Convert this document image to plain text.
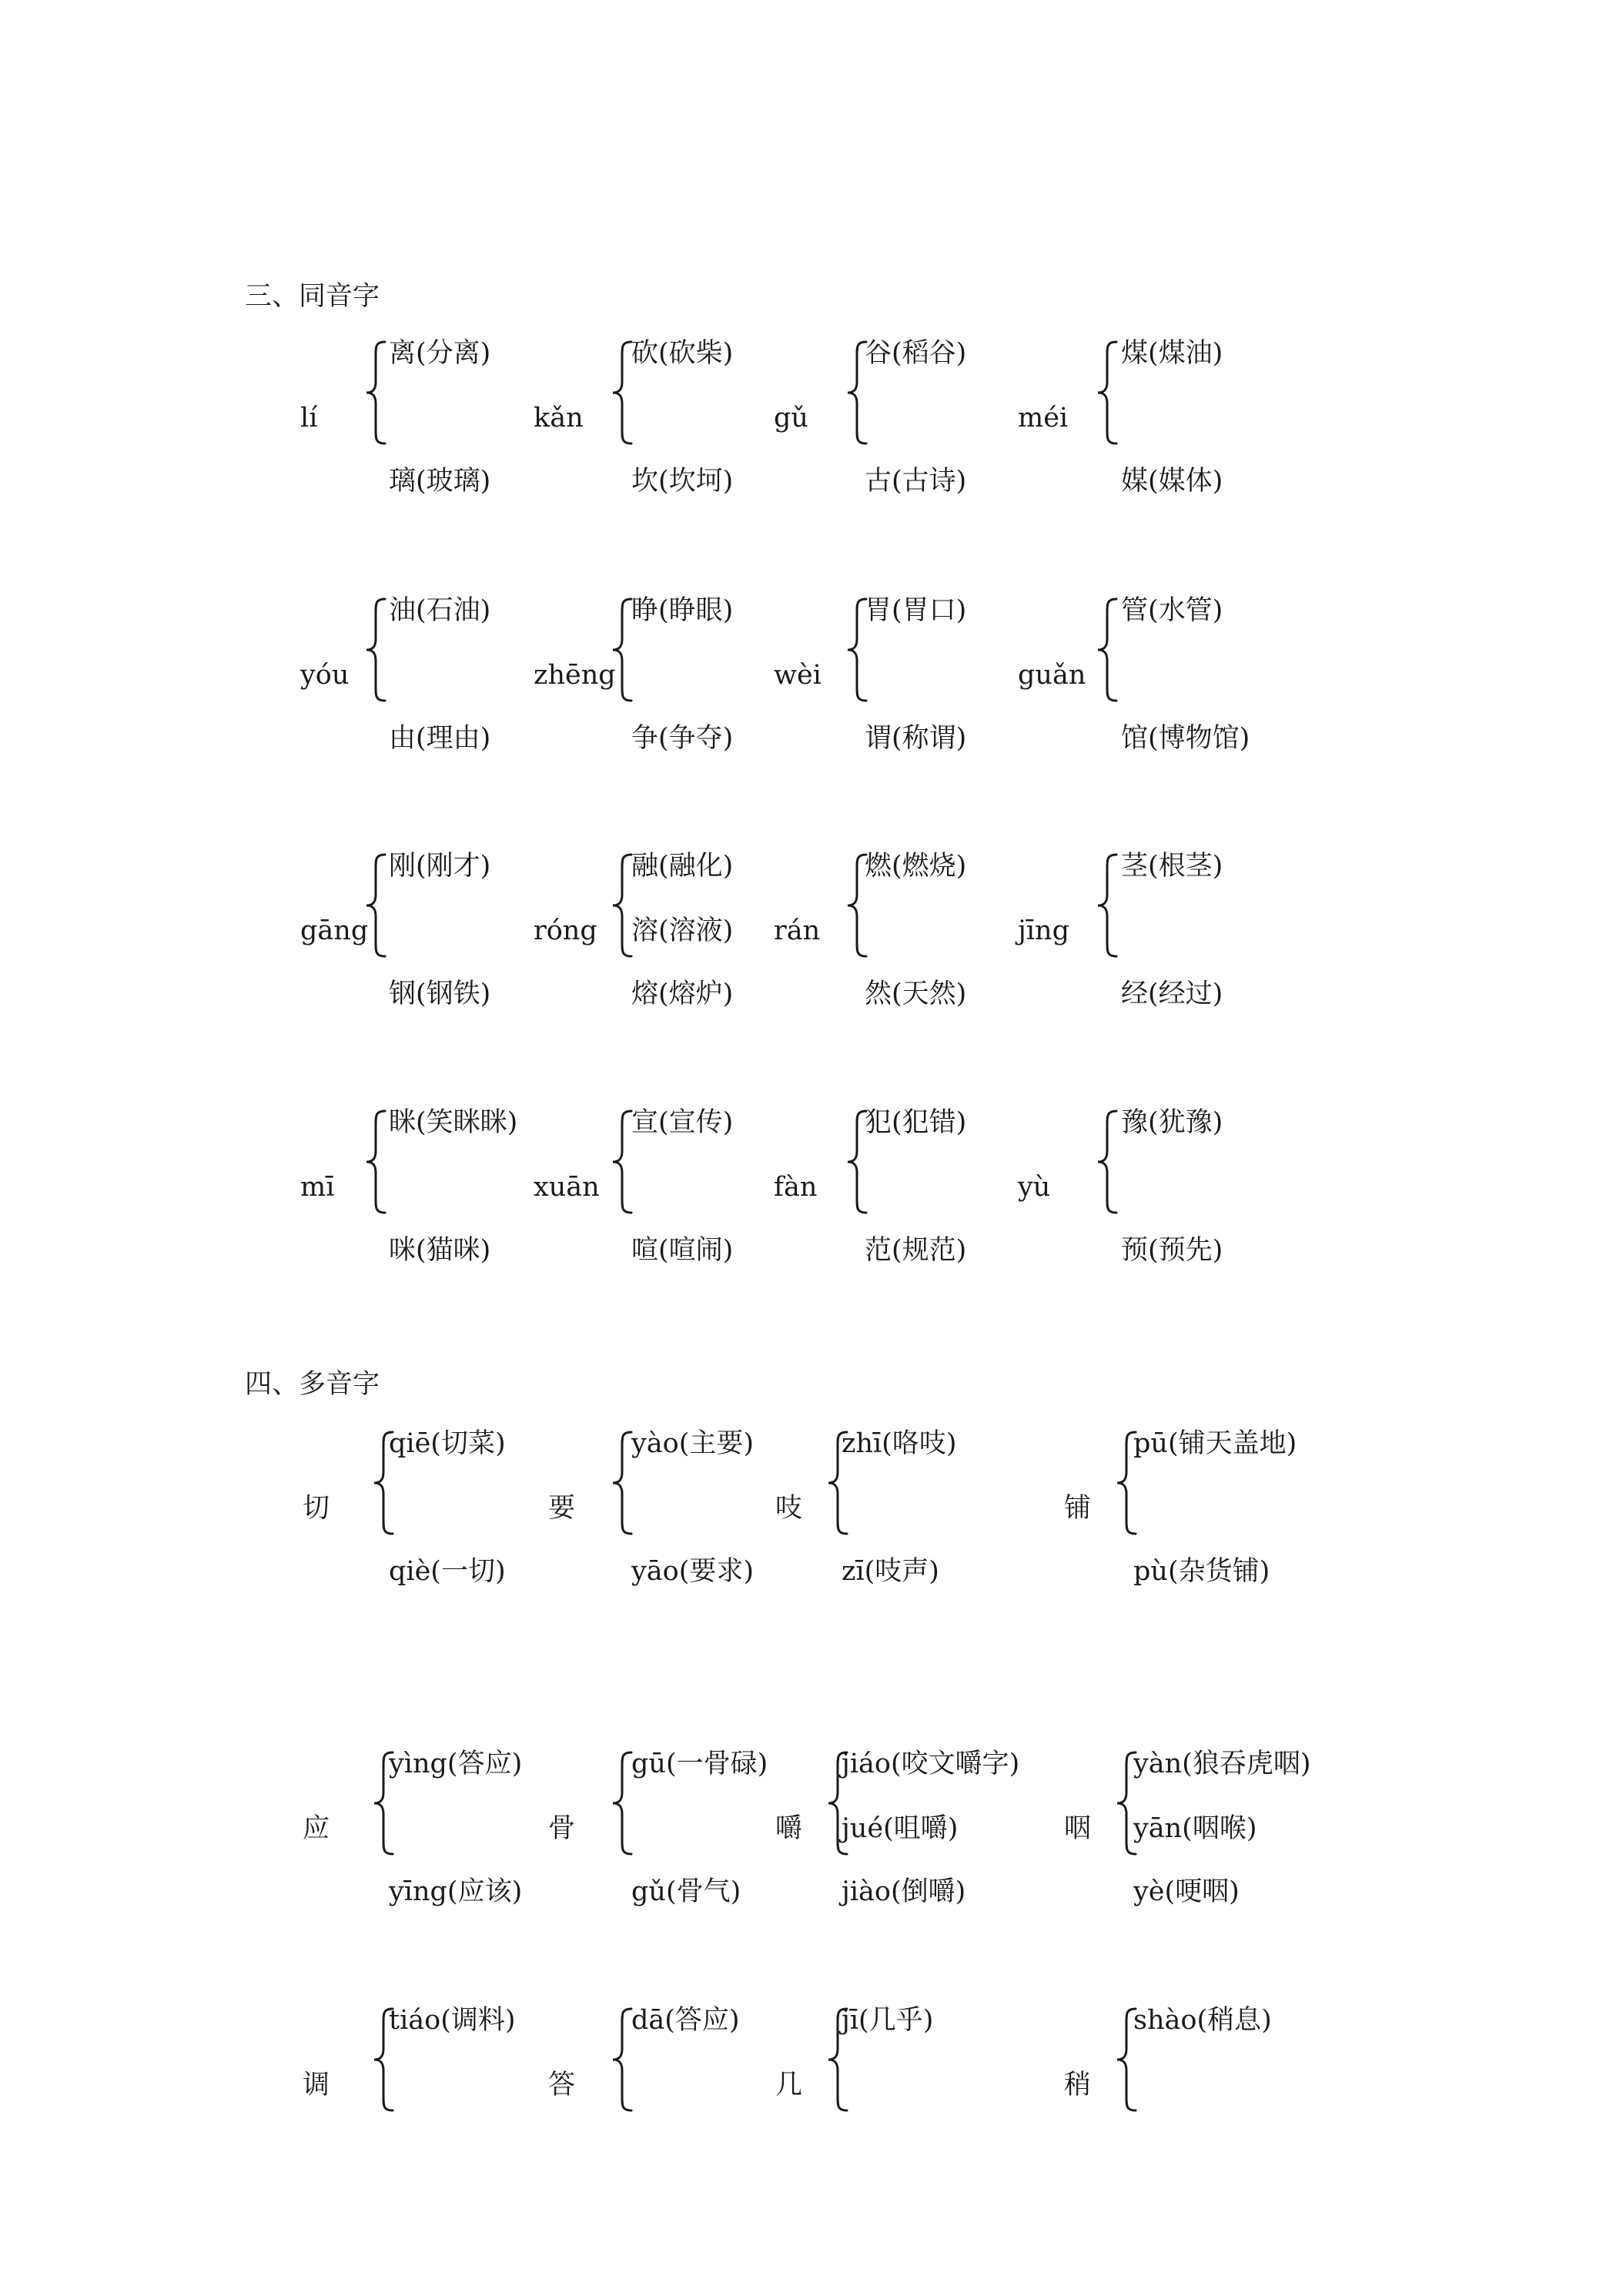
三、同音字
四、多音字
lí
离(分离)
璃(玻璃)
kǎn
砍(砍柴)
坎(坎坷)
gǔ
谷(稻谷)
古(古诗)
méi
煤(煤油)
媒(媒体)
yóu
油(石油)
由(理由)
zhēng
睁(睁眼)
争(争夺)
wèi
胃(胃口)
谓(称谓)
guǎn
管(水管)
馆(博物馆)
gāng
刚(刚才)
钢(钢铁)
róng
融(融化)
溶(溶液)
熔(熔炉)
rán
燃(燃烧)
然(天然)
jīng
茎(根茎)
经(经过)
mī
眯(笑眯眯)
咪(猫咪)
xuān
宣(宣传)
喧(喧闹)
fàn
犯(犯错)
范(规范)
yù
豫(犹豫)
预(预先)
切
qiē(切菜)
qiè(一切)
要
yào(主要)
yāo(要求)
吱
zhī(咯吱)
zī(吱声)
铺
pū(铺天盖地)
pù(杂货铺)
应
yìng(答应)
yīng(应该)
骨
gū(一骨碌)
gǔ(骨气)
嚼
jiáo(咬文嚼字)
jué(咀嚼)
jiào(倒嚼)
咽
yàn(狼吞虎咽)
yān(咽喉)
yè(哽咽)
调
tiáo(调料)
答
dā(答应)
几
jī(几乎)
稍
shào(稍息)
